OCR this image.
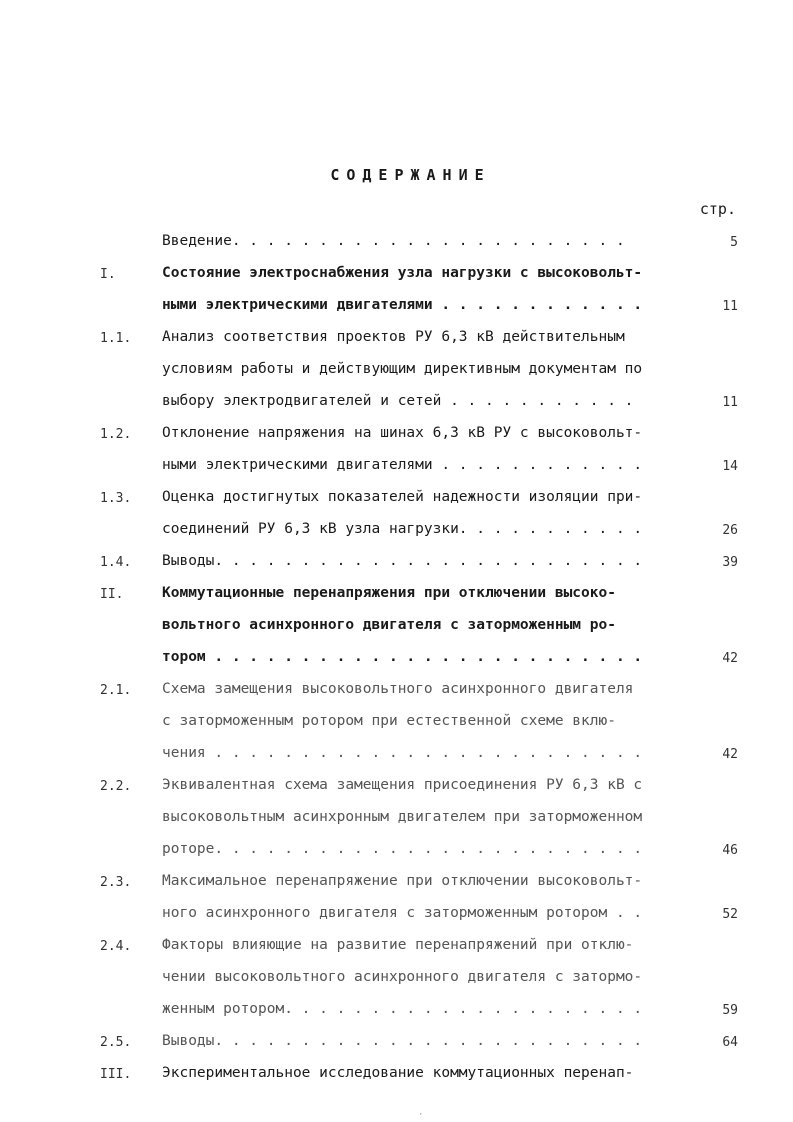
СОДЕРЖАНИЕ
стр.
Введение. . . . . . . . . . . . . . . . . . . . . . .	5
I.	Состояние электроснабжения узла нагрузки с высоковольт-
ными электрическими двигателями . . . . . . . . . . . .	11
1.1.	Анализ соответствия проектов РУ 6,3 кВ действительным
условиям работы и действующим директивным документам по
выбору электродвигателей и сетей . . . . . . . . . . .	11
1.2.	Отклонение напряжения на шинах 6,3 кВ РУ с высоковольт-
ными электрическими двигателями . . . . . . . . . . . .	14
1.3.	Оценка достигнутых показателей надежности изоляции при-
соединений РУ 6,3 кВ узла нагрузки. . . . . . . . . . .	26
1.4.	Выводы. . . . . . . . . . . . . . . . . . . . . . . . .	39
II.	Коммутационные перенапряжения при отключении высоко-
вольтного асинхронного двигателя с заторможенным ро-
тором . . . . . . . . . . . . . . . . . . . . . . . . .	42
2.1.	Схема замещения высоковольтного асинхронного двигателя
с заторможенным ротором при естественной схеме вклю-
чения . . . . . . . . . . . . . . . . . . . . . . . . .	42
2.2.	Эквивалентная схема замещения присоединения РУ 6,3 кВ с
высоковольтным асинхронным двигателем при заторможенном
роторе. . . . . . . . . . . . . . . . . . . . . . . . .	46
2.3.	Максимальное перенапряжение при отключении высоковольт-
ного асинхронного двигателя с заторможенным ротором . .	52
2.4.	Факторы влияющие на развитие перенапряжений при отклю-
чении высоковольтного асинхронного двигателя с затормо-
женным ротором. . . . . . . . . . . . . . . . . . . . .	59
2.5.	Выводы. . . . . . . . . . . . . . . . . . . . . . . . .	64
III.	Экспериментальное исследование коммутационных перенап-
·
